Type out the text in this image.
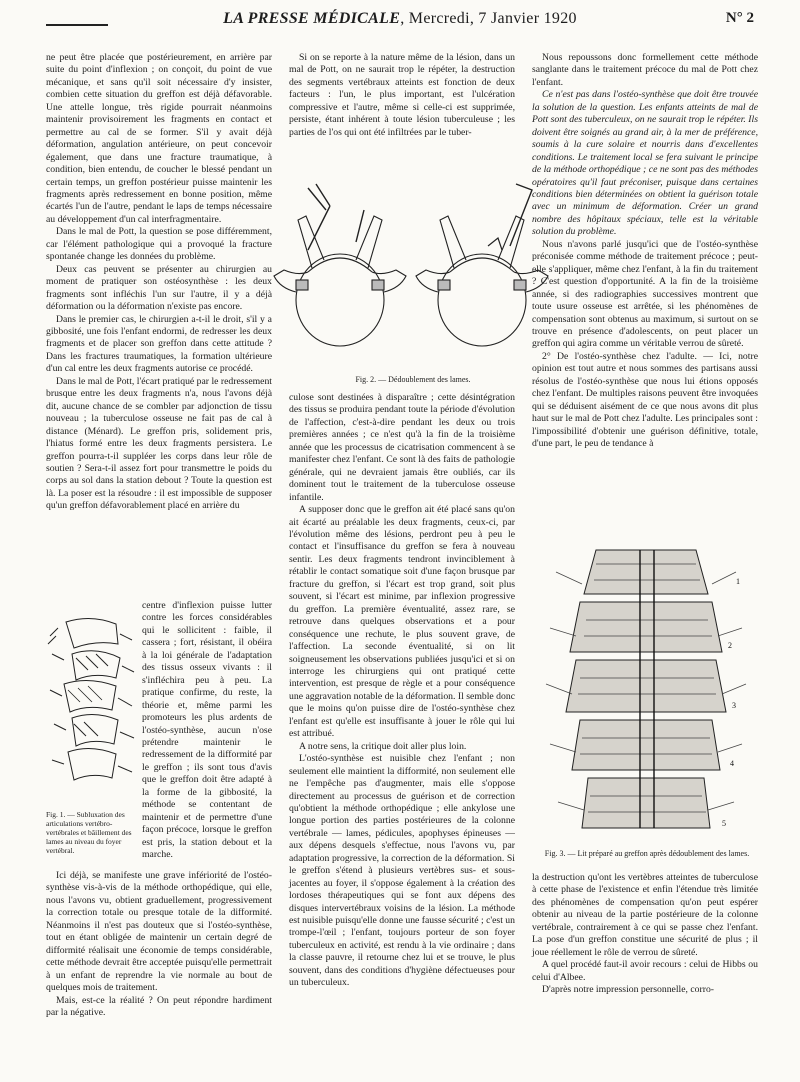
LA PRESSE MÉDICALE, Mercredi, 7 Janvier 1920	N° 2

ne peut être placée que postérieurement, en arrière par suite du point d'inflexion ; on conçoit, du point de vue mécanique, et sans qu'il soit nécessaire d'y insister, combien cette situation du greffon est déjà défavorable. Une attelle longue, très rigide pourrait néanmoins maintenir provisoirement les fragments en contact et permettre au cal de se former. S'il y avait déjà déformation, angulation antérieure, on peut concevoir également, que dans une fracture traumatique, à condition, bien entendu, de coucher le blessé pendant un certain temps, un greffon postérieur puisse maintenir les fragments après redressement en bonne position, même écartés l'un de l'autre, pendant le laps de temps nécessaire au développement d'un cal interfragmentaire.

Dans le mal de Pott, la question se pose différemment, car l'élément pathologique qui a provoqué la fracture spontanée change les données du problème.

Deux cas peuvent se présenter au chirurgien au moment de pratiquer son ostéosynthèse : les deux fragments sont infléchis l'un sur l'autre, il y a déjà déformation ou la déformation n'existe pas encore.

Dans le premier cas, le chirurgien a-t-il le droit, s'il y a gibbosité, une fois l'enfant endormi, de redresser les deux fragments et de placer son greffon dans cette attitude ? Dans les fractures traumatiques, la formation ultérieure d'un cal entre les deux fragments autorise ce procédé.

Dans le mal de Pott, l'écart pratiqué par le redressement brusque entre les deux fragments n'a, nous l'avons déjà dit, aucune chance de se combler par adjonction de tissu nouveau ; la tuberculose osseuse ne fait pas de cal à distance (Ménard). Le greffon pris, solidement pris, l'hiatus formé entre les deux fragments persistera. Le greffon pourra-t-il suppléer les corps dans leur rôle de soutien ? Sera-t-il assez fort pour transmettre le poids du corps au sol dans la station debout ? Toute la question est là. La poser est la résoudre : il est impossible de supposer qu'un greffon défavorablement placé en arrière du

Fig. 1. — Subluxation des articulations vertébro-vertébrales et bâillement des lames au niveau du foyer vertébral.

centre d'inflexion puisse lutter contre les forces considérables qui le sollicitent : faible, il cassera ; fort, résistant, il obéira à la loi générale de l'adaptation des tissus osseux vivants : il s'infléchira peu à peu. La pratique confirme, du reste, la théorie et, même parmi les promoteurs les plus ardents de l'ostéo-synthèse, aucun n'ose prétendre maintenir le redressement de la difformité par le greffon ; ils sont tous d'avis que le greffon doit être adapté à la forme de la gibbosité, la méthode se contentant de maintenir et de permettre d'une façon précoce, lorsque le greffon est pris, la station debout et la marche.

Ici déjà, se manifeste une grave infériorité de l'ostéo-synthèse vis-à-vis de la méthode orthopédique, qui elle, nous l'avons vu, obtient graduellement, progressivement la correction totale ou presque totale de la difformité. Néanmoins il n'est pas douteux que si l'ostéo-synthèse, tout en étant obligée de maintenir un certain degré de difformité réalisait une économie de temps considérable, cette méthode devrait être acceptée puisqu'elle permettrait à un enfant de reprendre la vie normale au bout de quelques mois de traitement.

Mais, est-ce la réalité ? On peut répondre hardiment par la négative.

Si on se reporte à la nature même de la lésion, dans un mal de Pott, on ne saurait trop le répéter, la destruction des segments vertébraux atteints est fonction de deux facteurs : l'un, le plus important, est l'ulcération compressive et l'autre, même si celle-ci est supprimée, persiste, étant inhérent à toute lésion tuberculeuse ; les parties de l'os qui ont été infiltrées par le tuber-

Fig. 2. — Dédoublement des lames.

culose sont destinées à disparaître ; cette désintégration des tissus se produira pendant toute la période d'évolution de l'affection, c'est-à-dire pendant les deux ou trois premières années ; ce n'est qu'à la fin de la troisième année que les processus de cicatrisation commencent à se manifester chez l'enfant. Ce sont là des faits de pathologie générale, qui ne devraient jamais être oubliés, car ils dominent tout le traitement de la tuberculose osseuse infantile.

A supposer donc que le greffon ait été placé sans qu'on ait écarté au préalable les deux fragments, ceux-ci, par l'évolution même des lésions, perdront peu à peu le contact et l'insuffisance du greffon se fera à nouveau sentir. Les deux fragments tendront invinciblement à rétablir le contact somatique soit d'une façon brusque par fracture du greffon, si l'écart est trop grand, soit plus souvent, si l'écart est minime, par inflexion progressive du greffon. La première éventualité, assez rare, se retrouve dans quelques observations et a pour conséquence une rechute, le plus souvent grave, de l'affection. La seconde éventualité, si on lit soigneusement les observations publiées jusqu'ici et si on interroge les chirurgiens qui ont pratiqué cette intervention, est presque de règle et a pour conséquence une aggravation notable de la déformation. Il semble donc que le moins qu'on puisse dire de l'ostéo-synthèse chez l'enfant est qu'elle est insuffisante à jouer le rôle qui lui est attribué.

A notre sens, la critique doit aller plus loin.

L'ostéo-synthèse est nuisible chez l'enfant ; non seulement elle maintient la difformité, non seulement elle ne l'empêche pas d'augmenter, mais elle s'oppose directement au processus de guérison et de correction qu'obtient la méthode orthopédique ; elle ankylose une longue portion des parties postérieures de la colonne vertébrale — lames, pédicules, apophyses épineuses — aux dépens desquels s'effectue, nous l'avons vu, par adaptation progressive, la correction de la déformation. Si le greffon s'étend à plusieurs vertèbres sus- et sous-jacentes au foyer, il s'oppose également à la création des lordoses thérapeutiques qui se font aux dépens des disques intervertébraux voisins de la lésion. La méthode est nuisible puisqu'elle donne une fausse sécurité ; c'est un trompe-l'œil ; l'enfant, toujours porteur de son foyer tuberculeux en activité, est rendu à la vie ordinaire ; dans la classe pauvre, il retourne chez lui et se trouve, le plus souvent, dans des conditions d'hygiène défectueuses pour un tuberculeux.

Nous repoussons donc formellement cette méthode sanglante dans le traitement précoce du mal de Pott chez l'enfant.

Ce n'est pas dans l'ostéo-synthèse que doit être trouvée la solution de la question. Les enfants atteints de mal de Pott sont des tuberculeux, on ne saurait trop le répéter. Ils doivent être soignés au grand air, à la mer de préférence, soumis à la cure solaire et nourris dans d'excellentes conditions. Le traitement local se fera suivant le principe de la méthode orthopédique ; ce ne sont pas des méthodes opératoires qu'il faut préconiser, puisque dans certaines conditions bien déterminées on obtient la guérison totale avec un minimum de déformation. Créer un grand nombre des hôpitaux spéciaux, telle est la véritable solution du problème.

Nous n'avons parlé jusqu'ici que de l'ostéo-synthèse préconisée comme méthode de traitement précoce ; peut-elle s'appliquer, même chez l'enfant, à la fin du traitement ? C'est question d'opportunité. A la fin de la troisième année, si des radiographies successives montrent que toute usure osseuse est arrêtée, si les phénomènes de compensation sont obtenus au maximum, si surtout on se trouve en présence d'adolescents, on peut placer un greffon qui agira comme un véritable verrou de sûreté.

2° De l'ostéo-synthèse chez l'adulte. — Ici, notre opinion est tout autre et nous sommes des partisans aussi résolus de l'ostéo-synthèse que nous lui étions opposés chez l'enfant. De multiples raisons peuvent être invoquées qui se déduisent aisément de ce que nous avons dit plus haut sur le mal de Pott chez l'adulte. Les principales sont : l'impossibilité d'obtenir une guérison définitive, totale, d'une part, le peu de tendance à

1
2
3
4
5
Fig. 3. — Lit préparé au greffon après dédoublement des lames.

la destruction qu'ont les vertèbres atteintes de tuberculose à cette phase de l'existence et enfin l'étendue très limitée des phénomènes de compensation qu'on peut espérer obtenir au niveau de la partie postérieure de la colonne vertébrale, contrairement à ce qui se passe chez l'enfant. La pose d'un greffon constitue une sécurité de plus ; il joue réellement le rôle de verrou de sûreté.

A quel procédé faut-il avoir recours : celui de Hibbs ou celui d'Albee.

D'après notre impression personnelle, corro-
